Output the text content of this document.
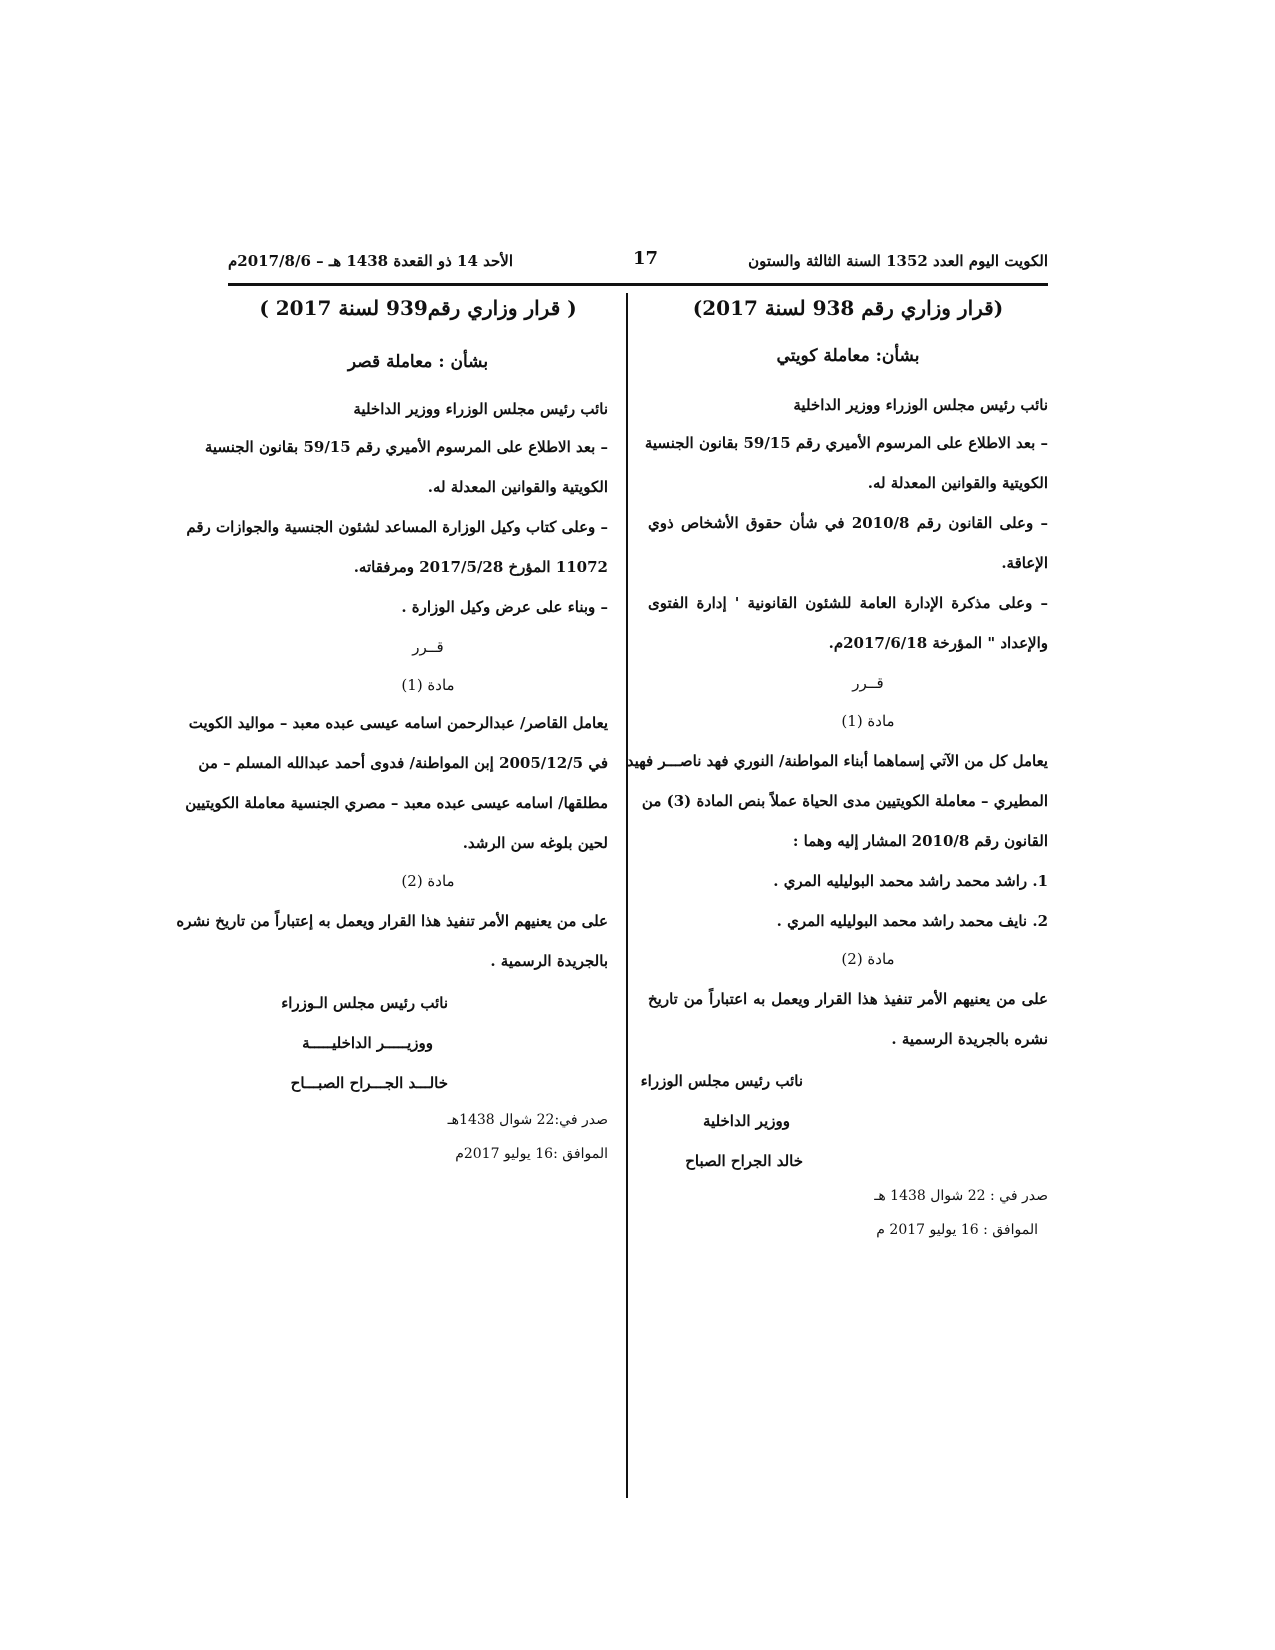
الكويت اليوم العدد 1352 السنة الثالثة والستون
17
الأحد 14 ذو القعدة 1438 هـ – 2017/8/6م

(قرار وزاري رقم 938 لسنة 2017)

بشأن: معاملة كويتي

نائب رئيس مجلس الوزراء ووزير الداخلية

– بعد الاطلاع على المرسوم الأميري رقم 59/15 بقانون الجنسية

الكويتية والقوانين المعدلة له.

– وعلى القانون رقم 2010/8 في شأن حقوق الأشخاص ذوي

الإعاقة.

– وعلى مذكرة الإدارة العامة للشئون القانونية ' إدارة الفتوى

والإعداد " المؤرخة 2017/6/18م.

قــرر

مادة (1)

يعامل كل من الآتي إسماهما أبناء المواطنة/ النوري فهد ناصـــر فهيد

المطيري – معاملة الكويتيين مدى الحياة عملاً بنص المادة (3) من

القانون رقم 2010/8 المشار إليه وهما :

1. راشد محمد راشد محمد البوليليه المري .

2. نايف محمد راشد محمد البوليليه المري .

مادة (2)

على من يعنيهم الأمر تنفيذ هذا القرار ويعمل به اعتباراً من تاريخ

نشره بالجريدة الرسمية .

نائب رئيس مجلس الوزراء

ووزير الداخلية

خالد الجراح الصباح

صدر في : 22 شوال 1438 هـ

الموافق : 16 يوليو 2017 م

( قرار وزاري رقم939 لسنة 2017 )

بشأن : معاملة قصر

نائب رئيس مجلس الوزراء ووزير الداخلية

– بعد الاطلاع على المرسوم الأميري رقم 59/15 بقانون الجنسية

الكويتية والقوانين المعدلة له.

– وعلى كتاب وكيل الوزارة المساعد لشئون الجنسية والجوازات رقم

11072 المؤرخ 2017/5/28 ومرفقاته.

– وبناء على عرض وكيل الوزارة .

قــرر

مادة (1)

يعامل القاصر/ عبدالرحمن اسامه عيسى عبده معبد – مواليد الكويت

في 2005/12/5 إبن المواطنة/ فدوى أحمد عبدالله المسلم – من

مطلقها/ اسامه عيسى عبده معبد – مصري الجنسية معاملة الكويتيين

لحين بلوغه سن الرشد.

مادة (2)

على من يعنيهم الأمر تنفيذ هذا القرار ويعمل به إعتباراً من تاريخ نشره

بالجريدة الرسمية .

نائب رئيس مجلس الـوزراء

ووزيـــــر الداخليـــــة

خالـــد الجـــراح الصبـــاح

صدر في:22 شوال 1438هـ

الموافق :16 يوليو 2017م
